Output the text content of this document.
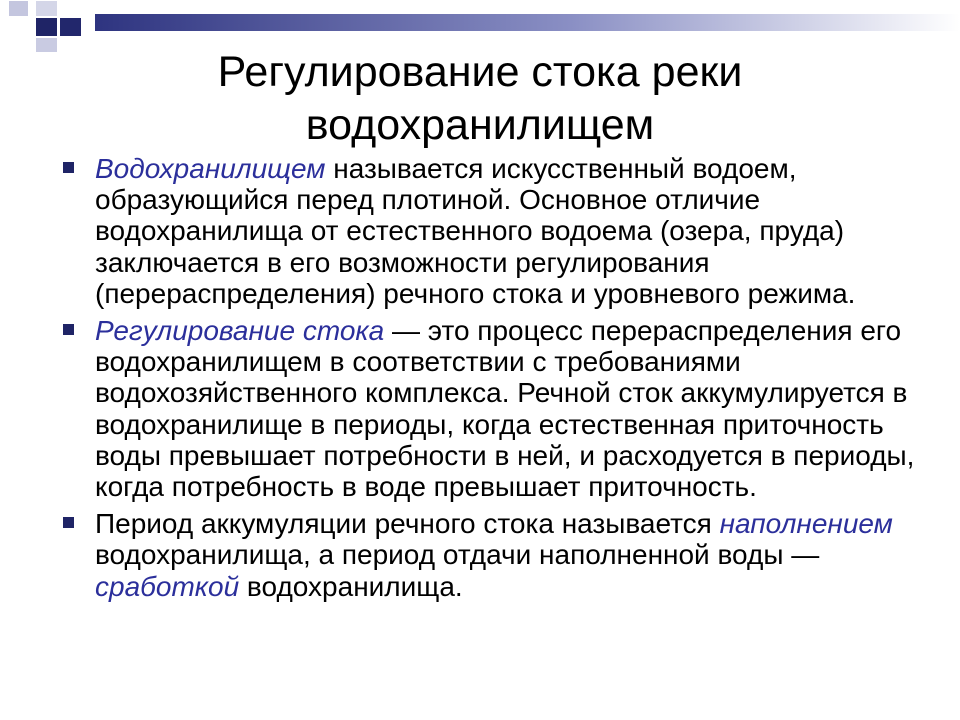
Регулирование стока реки
водохранилищем
Водохранилищем называется искусственный водоем, образующийся перед плотиной. Основное отличие водохранилища от естественного водоема (озера, пруда) заключается в его возможности регулирования (перераспределения) речного стока и уровневого режима.
Регулирование стока — это процесс перераспределения его водохранилищем в соответствии с требованиями водохозяйственного комплекса. Речной сток аккумулируется в водохранилище в периоды, когда естественная приточность воды превышает потребности в ней, и расходуется в периоды, когда потребность в воде превышает приточность.
Период аккумуляции речного стока называется наполнением водохранилища, а период отдачи наполненной воды — сработкой водохранилища.
